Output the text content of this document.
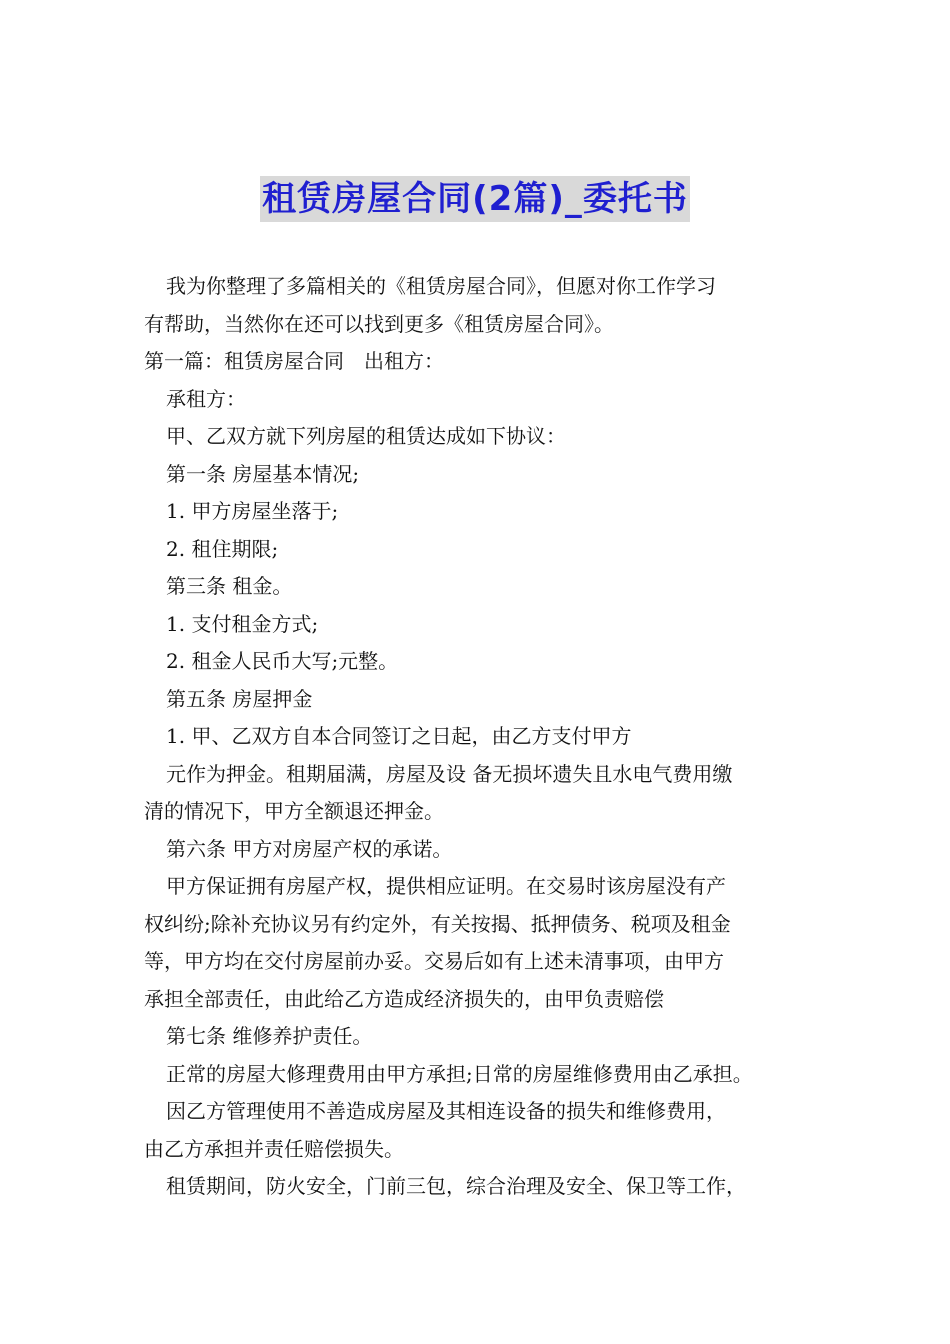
租赁房屋合同(2篇)_委托书
我为你整理了多篇相关的《租赁房屋合同》，但愿对你工作学习
有帮助，当然你在还可以找到更多《租赁房屋合同》。
第一篇：租赁房屋合同　出租方：
承租方：
甲、乙双方就下列房屋的租赁达成如下协议：
第一条 房屋基本情况;
1. 甲方房屋坐落于;
2. 租住期限;
第三条 租金。
1. 支付租金方式;
2. 租金人民币大写;元整。
第五条 房屋押金
1. 甲、乙双方自本合同签订之日起，由乙方支付甲方
元作为押金。租期届满，房屋及设 备无损坏遗失且水电气费用缴
清的情况下，甲方全额退还押金。
第六条 甲方对房屋产权的承诺。
甲方保证拥有房屋产权，提供相应证明。在交易时该房屋没有产
权纠纷;除补充协议另有约定外，有关按揭、抵押债务、税项及租金
等，甲方均在交付房屋前办妥。交易后如有上述未清事项，由甲方
承担全部责任，由此给乙方造成经济损失的，由甲负责赔偿
第七条 维修养护责任。
正常的房屋大修理费用由甲方承担;日常的房屋维修费用由乙承担。
因乙方管理使用不善造成房屋及其相连设备的损失和维修费用，
由乙方承担并责任赔偿损失。
租赁期间，防火安全，门前三包，综合治理及安全、保卫等工作，
